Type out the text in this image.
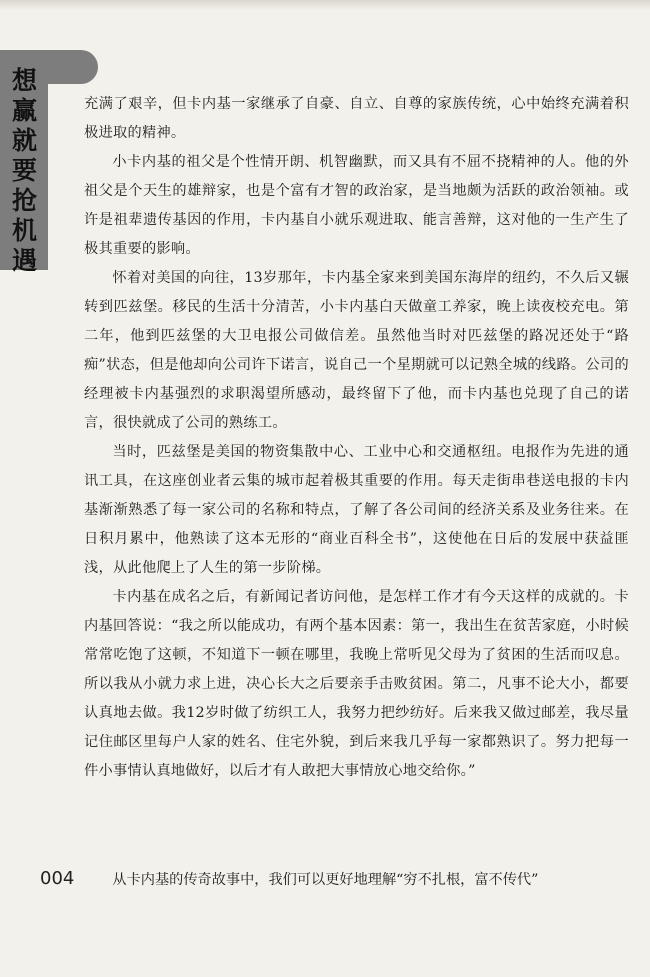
想赢就要抢机遇

充满了艰辛，但卡内基一家继承了自豪、自立、自尊的家族传统，心中始终充满着积极进取的精神。

小卡内基的祖父是个性情开朗、机智幽默，而又具有不屈不挠精神的人。他的外祖父是个天生的雄辩家，也是个富有才智的政治家，是当地颇为活跃的政治领袖。或许是祖辈遗传基因的作用，卡内基自小就乐观进取、能言善辩，这对他的一生产生了极其重要的影响。

怀着对美国的向往，13岁那年，卡内基全家来到美国东海岸的纽约，不久后又辗转到匹兹堡。移民的生活十分清苦，小卡内基白天做童工养家，晚上读夜校充电。第二年，他到匹兹堡的大卫电报公司做信差。虽然他当时对匹兹堡的路况还处于“路痴”状态，但是他却向公司许下诺言，说自己一个星期就可以记熟全城的线路。公司的经理被卡内基强烈的求职渴望所感动，最终留下了他，而卡内基也兑现了自己的诺言，很快就成了公司的熟练工。

当时，匹兹堡是美国的物资集散中心、工业中心和交通枢纽。电报作为先进的通讯工具，在这座创业者云集的城市起着极其重要的作用。每天走街串巷送电报的卡内基渐渐熟悉了每一家公司的名称和特点，了解了各公司间的经济关系及业务往来。在日积月累中，他熟读了这本无形的“商业百科全书”，这使他在日后的发展中获益匪浅，从此他爬上了人生的第一步阶梯。

卡内基在成名之后，有新闻记者访问他，是怎样工作才有今天这样的成就的。卡内基回答说：“我之所以能成功，有两个基本因素：第一，我出生在贫苦家庭，小时候常常吃饱了这顿，不知道下一顿在哪里，我晚上常听见父母为了贫困的生活而叹息。所以我从小就力求上进，决心长大之后要亲手击败贫困。第二，凡事不论大小，都要认真地去做。我12岁时做了纺织工人，我努力把纱纺好。后来我又做过邮差，我尽量记住邮区里每户人家的姓名、住宅外貌，到后来我几乎每一家都熟识了。努力把每一件小事情认真地做好，以后才有人敢把大事情放心地交给你。”

004	从卡内基的传奇故事中，我们可以更好地理解“穷不扎根，富不传代”
